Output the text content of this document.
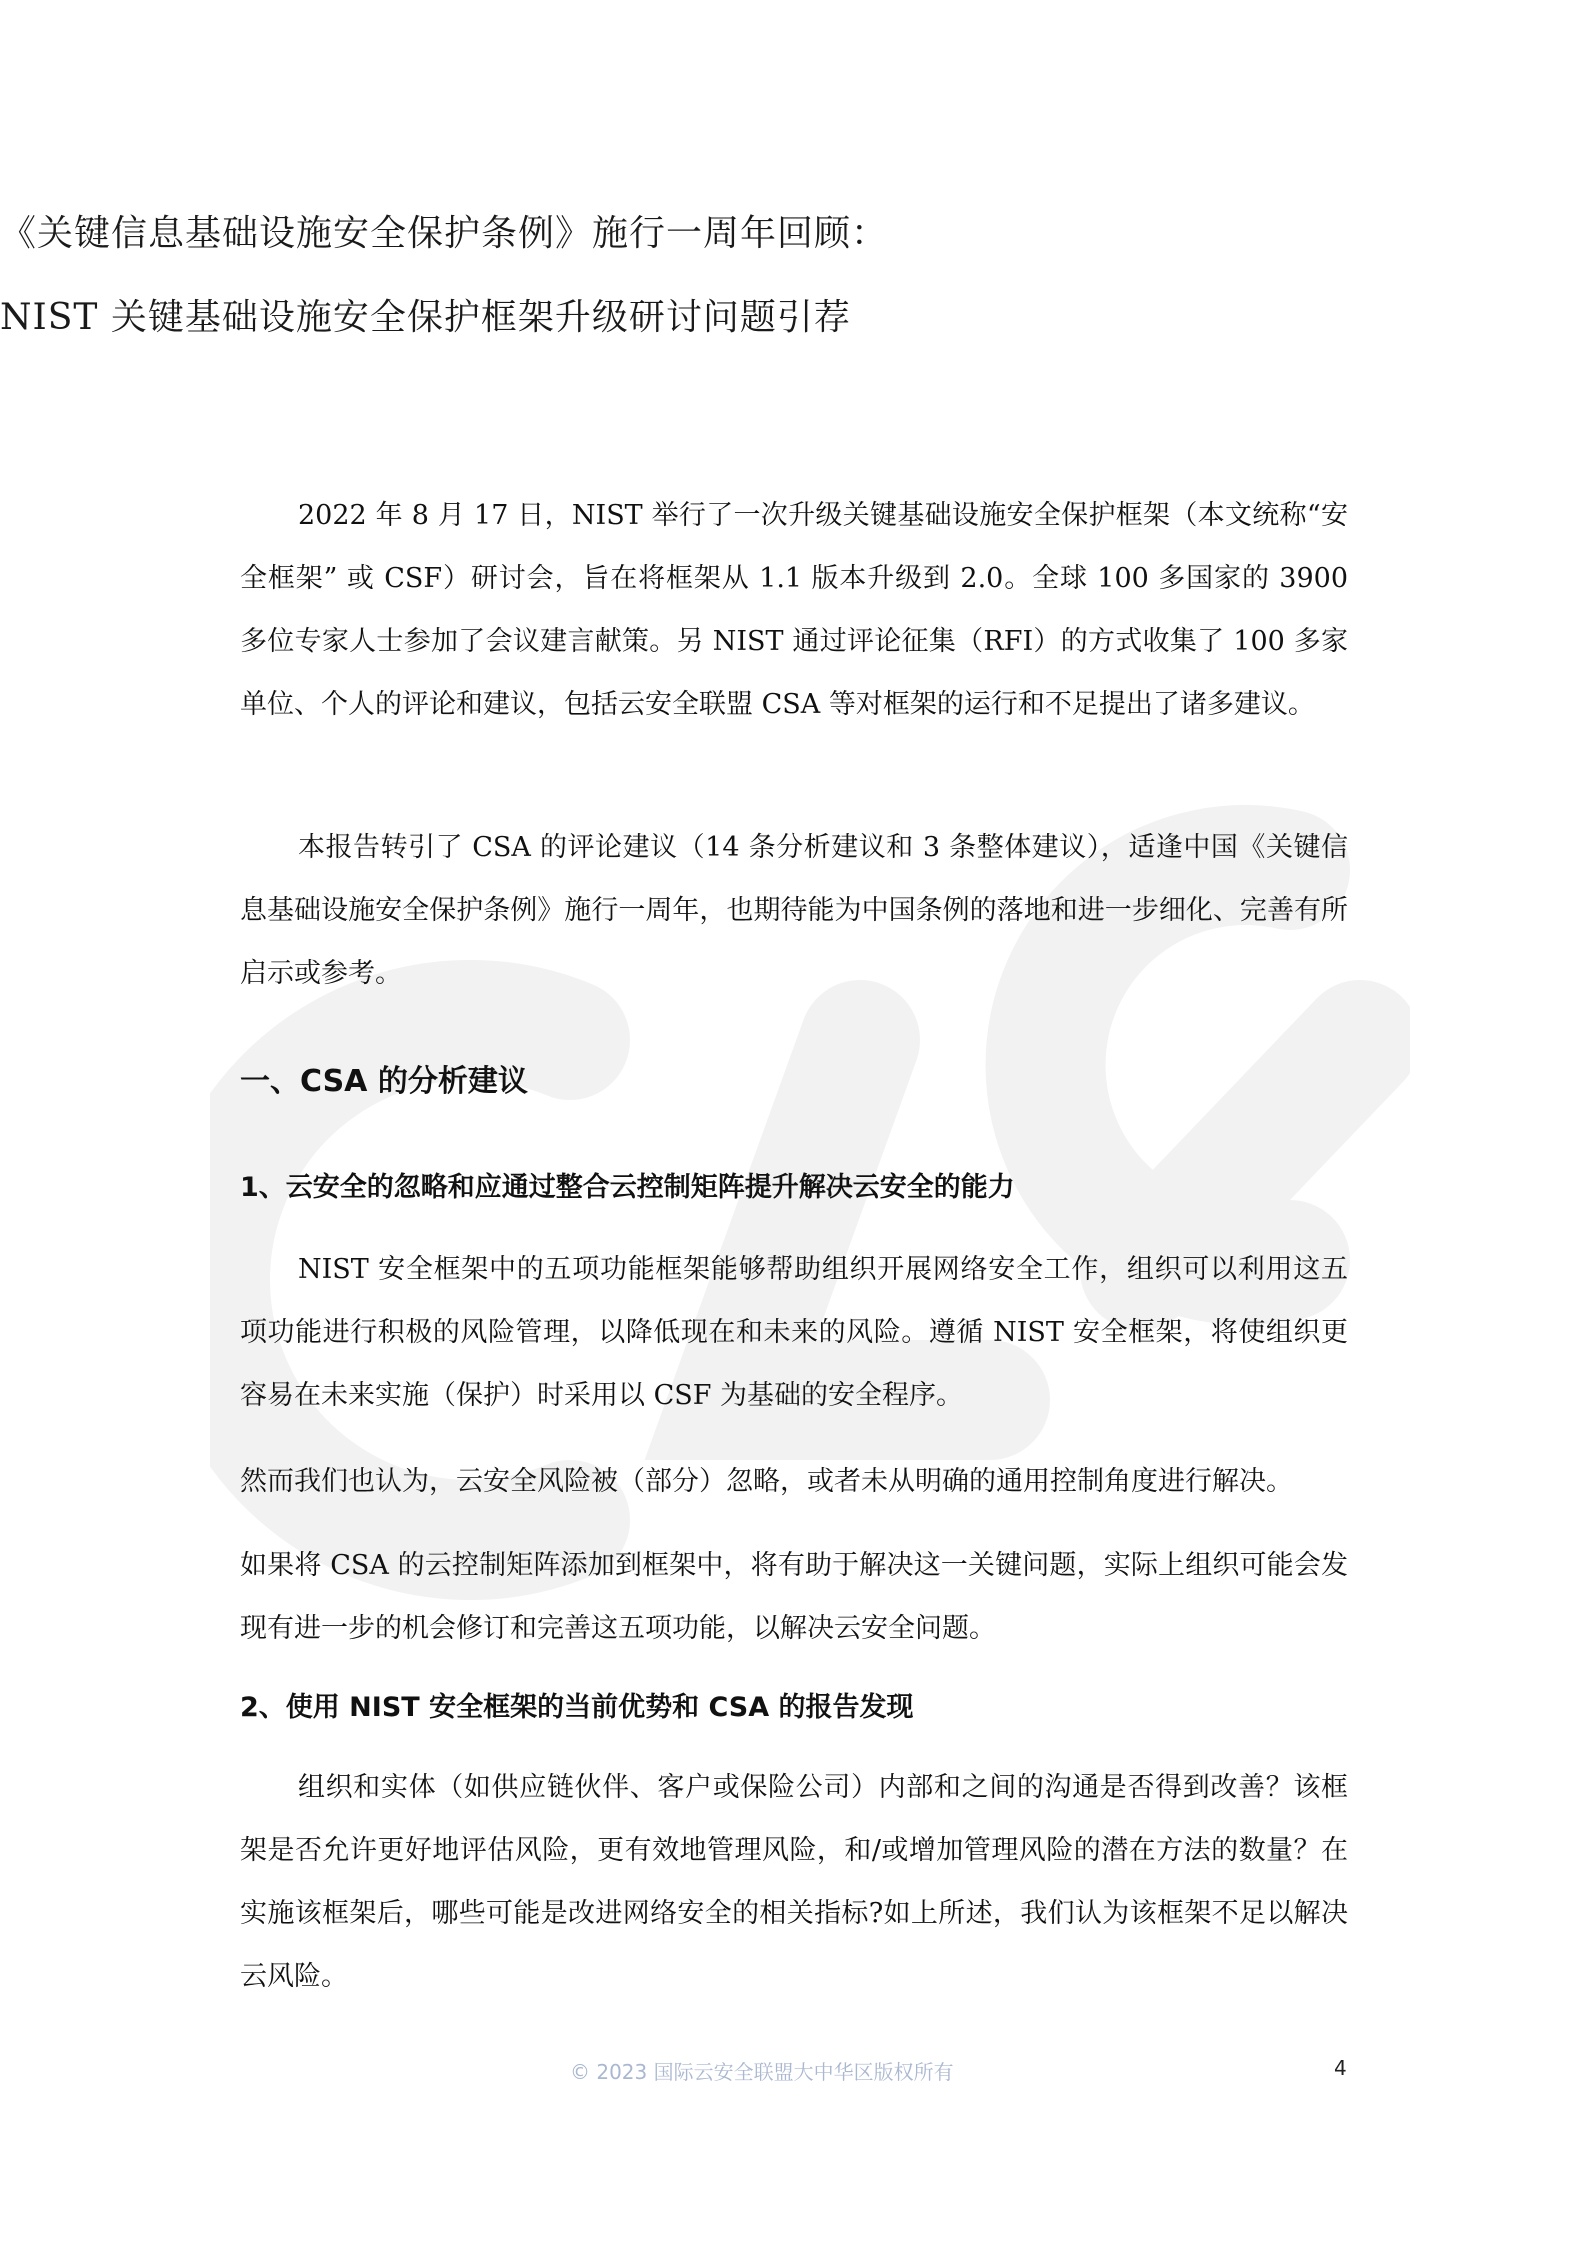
《关键信息基础设施安全保护条例》施行一周年回顾：
NIST 关键基础设施安全保护框架升级研讨问题引荐

2022 年 8 月 17 日，NIST 举行了一次升级关键基础设施安全保护框架（本文统称“安全框架” 或 CSF）研讨会，旨在将框架从 1.1 版本升级到 2.0。全球 100 多国家的 3900 多位专家人士参加了会议建言献策。另 NIST 通过评论征集（RFI）的方式收集了 100 多家单位、个人的评论和建议，包括云安全联盟 CSA 等对框架的运行和不足提出了诸多建议。

本报告转引了 CSA 的评论建议（14 条分析建议和 3 条整体建议），适逢中国《关键信息基础设施安全保护条例》施行一周年，也期待能为中国条例的落地和进一步细化、完善有所启示或参考。

一、CSA 的分析建议
1、云安全的忽略和应通过整合云控制矩阵提升解决云安全的能力

NIST 安全框架中的五项功能框架能够帮助组织开展网络安全工作，组织可以利用这五项功能进行积极的风险管理，以降低现在和未来的风险。遵循 NIST 安全框架，将使组织更容易在未来实施（保护）时采用以 CSF 为基础的安全程序。

然而我们也认为，云安全风险被（部分）忽略，或者未从明确的通用控制角度进行解决。

如果将 CSA 的云控制矩阵添加到框架中，将有助于解决这一关键问题，实际上组织可能会发现有进一步的机会修订和完善这五项功能，以解决云安全问题。

2、使用 NIST 安全框架的当前优势和 CSA 的报告发现

组织和实体（如供应链伙伴、客户或保险公司）内部和之间的沟通是否得到改善？该框架是否允许更好地评估风险，更有效地管理风险，和/或增加管理风险的潜在方法的数量？在实施该框架后，哪些可能是改进网络安全的相关指标?如上所述，我们认为该框架不足以解决云风险。

© 2023 国际云安全联盟大中华区版权所有	4
